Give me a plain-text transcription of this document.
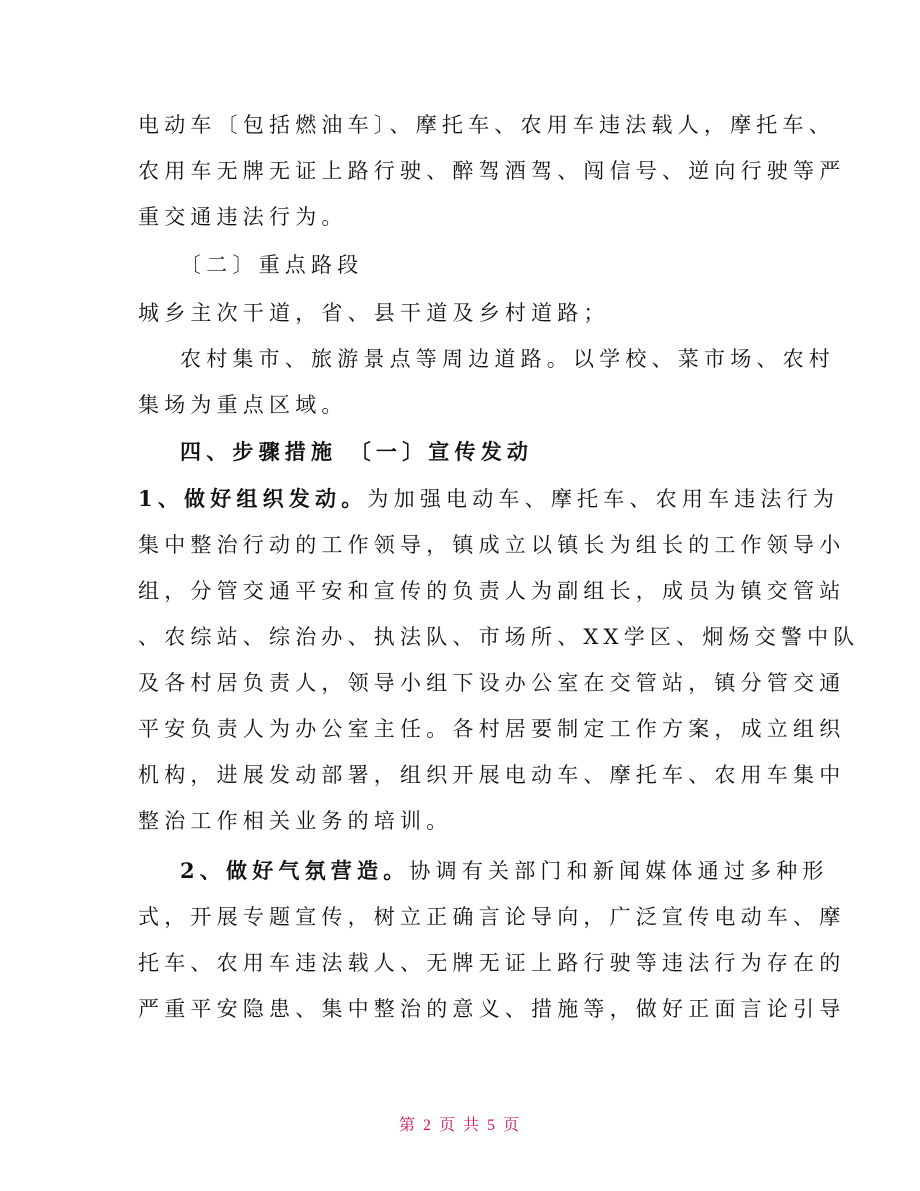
电动车〔包括燃油车〕、摩托车、农用车违法载人，摩托车、
农用车无牌无证上路行驶、醉驾酒驾、闯信号、逆向行驶等严
重交通违法行为。
〔二〕重点路段
城乡主次干道，省、县干道及乡村道路；
农村集市、旅游景点等周边道路。以学校、菜市场、农村
集场为重点区域。
四、步骤措施 〔一〕宣传发动
1、做好组织发动。为加强电动车、摩托车、农用车违法行为
集中整治行动的工作领导，镇成立以镇长为组长的工作领导小
组，分管交通平安和宣传的负责人为副组长，成员为镇交管站
、农综站、综治办、执法队、市场所、XX学区、炯炀交警中队
及各村居负责人，领导小组下设办公室在交管站，镇分管交通
平安负责人为办公室主任。各村居要制定工作方案，成立组织
机构，进展发动部署，组织开展电动车、摩托车、农用车集中
整治工作相关业务的培训。
2、做好气氛营造。协调有关部门和新闻媒体通过多种形
式，开展专题宣传，树立正确言论导向，广泛宣传电动车、摩
托车、农用车违法载人、无牌无证上路行驶等违法行为存在的
严重平安隐患、集中整治的意义、措施等，做好正面言论引导
第 2 页 共 5 页
